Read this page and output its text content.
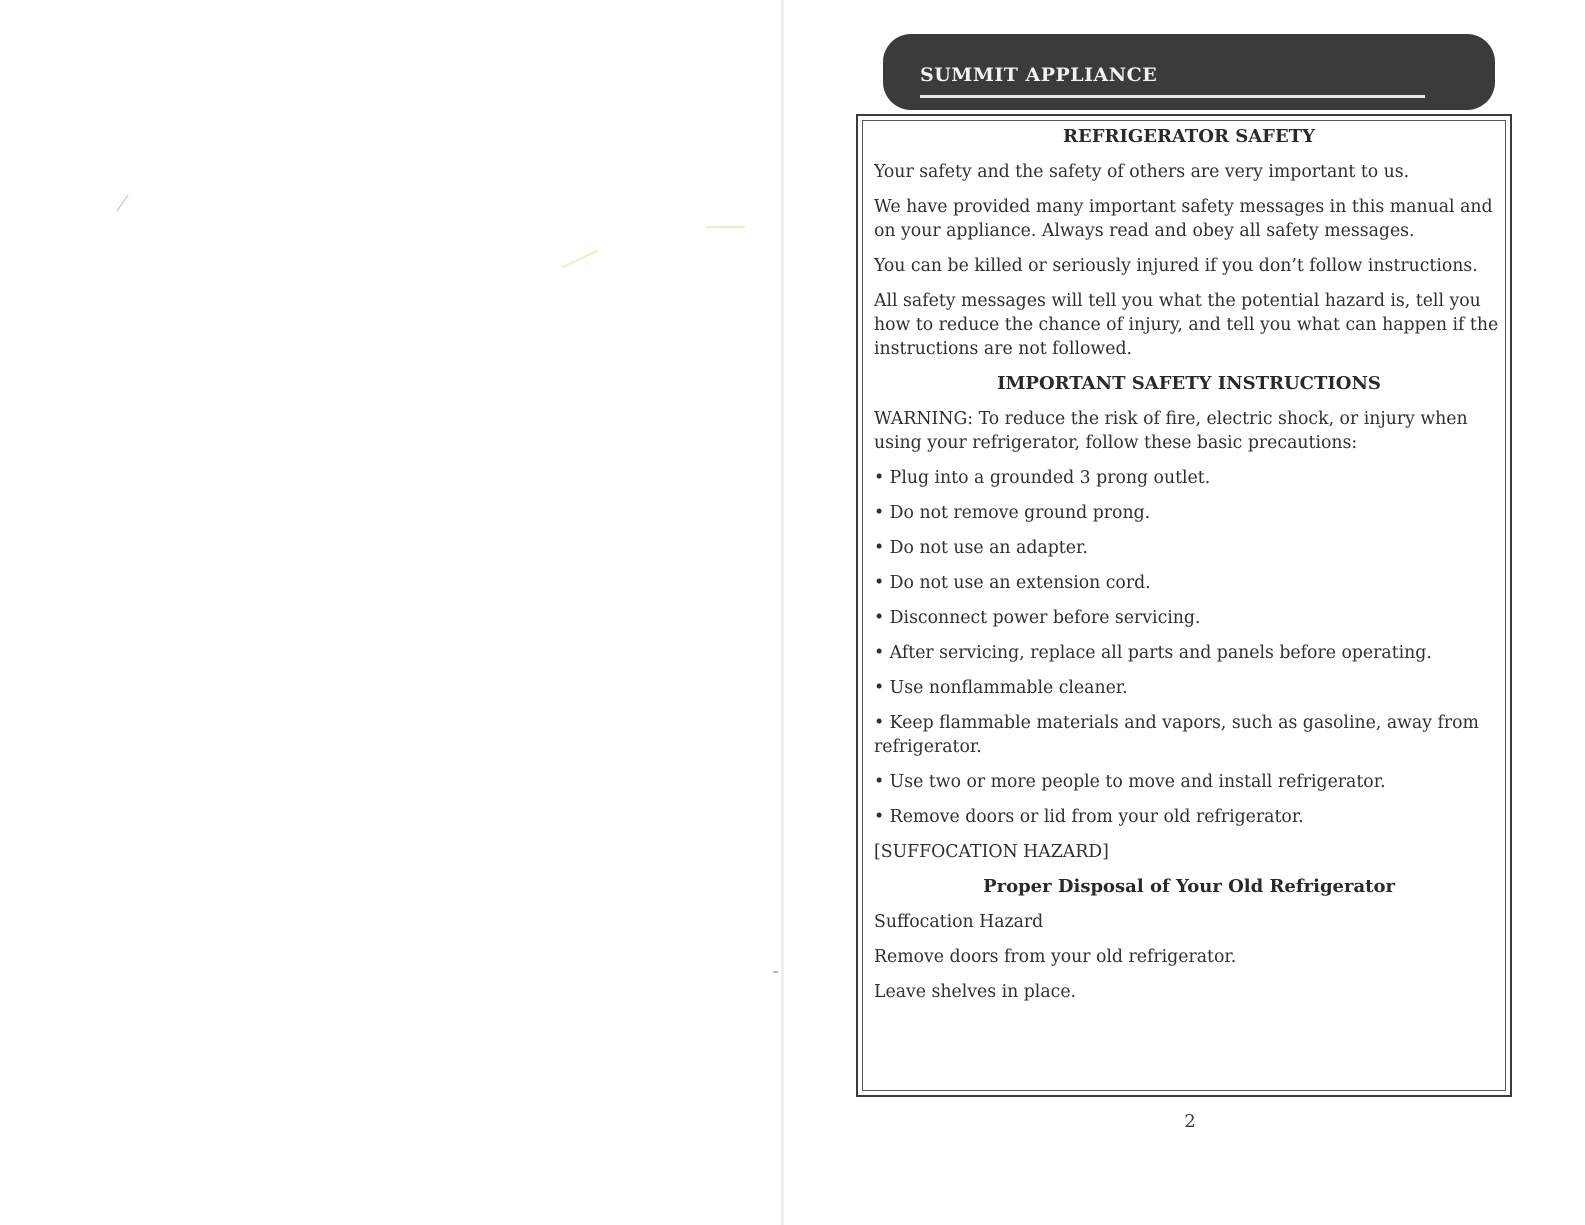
SUMMIT APPLIANCE

REFRIGERATOR SAFETY

Your safety and the safety of others are very important to us.

We have provided many important safety messages in this manual and on your appliance. Always read and obey all safety messages.

You can be killed or seriously injured if you don’t follow instructions.

All safety messages will tell you what the potential hazard is, tell you how to reduce the chance of injury, and tell you what can happen if the instructions are not followed.

IMPORTANT SAFETY INSTRUCTIONS

WARNING: To reduce the risk of fire, electric shock, or injury when using your refrigerator, follow these basic precautions:

• Plug into a grounded 3 prong outlet.

• Do not remove ground prong.

• Do not use an adapter.

• Do not use an extension cord.

• Disconnect power before servicing.

• After servicing, replace all parts and panels before operating.

• Use nonflammable cleaner.

• Keep flammable materials and vapors, such as gasoline, away from refrigerator.

• Use two or more people to move and install refrigerator.

• Remove doors or lid from your old refrigerator.

[SUFFOCATION HAZARD]

Proper Disposal of Your Old Refrigerator

Suffocation Hazard

Remove doors from your old refrigerator.

Leave shelves in place.

2
